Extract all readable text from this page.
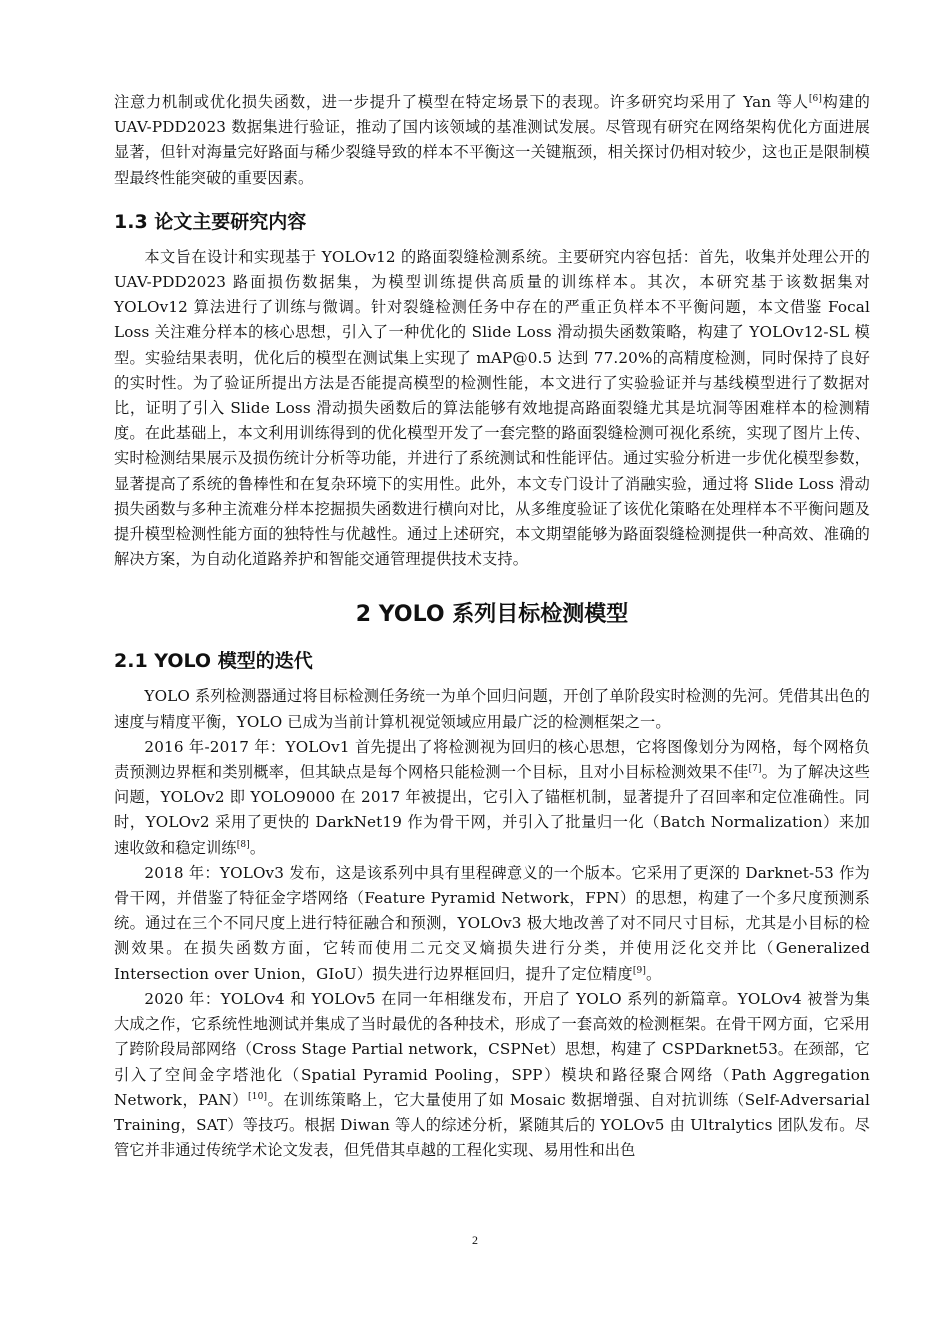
注意力机制或优化损失函数，进一步提升了模型在特定场景下的表现。许多研究均采用了 Yan 等人[6]构建的 UAV-PDD2023 数据集进行验证，推动了国内该领域的基准测试发展。尽管现有研究在网络架构优化方面进展显著，但针对海量完好路面与稀少裂缝导致的样本不平衡这一关键瓶颈，相关探讨仍相对较少，这也正是限制模型最终性能突破的重要因素。

1.3 论文主要研究内容

本文旨在设计和实现基于 YOLOv12 的路面裂缝检测系统。主要研究内容包括：首先，收集并处理公开的 UAV-PDD2023 路面损伤数据集，为模型训练提供高质量的训练样本。其次，本研究基于该数据集对 YOLOv12 算法进行了训练与微调。针对裂缝检测任务中存在的严重正负样本不平衡问题，本文借鉴 Focal Loss 关注难分样本的核心思想，引入了一种优化的 Slide Loss 滑动损失函数策略，构建了 YOLOv12-SL 模型。实验结果表明，优化后的模型在测试集上实现了 mAP@0.5 达到 77.20%的高精度检测，同时保持了良好的实时性。为了验证所提出方法是否能提高模型的检测性能，本文进行了实验验证并与基线模型进行了数据对比，证明了引入 Slide Loss 滑动损失函数后的算法能够有效地提高路面裂缝尤其是坑洞等困难样本的检测精度。在此基础上，本文利用训练得到的优化模型开发了一套完整的路面裂缝检测可视化系统，实现了图片上传、实时检测结果展示及损伤统计分析等功能，并进行了系统测试和性能评估。通过实验分析进一步优化模型参数，显著提高了系统的鲁棒性和在复杂环境下的实用性。此外，本文专门设计了消融实验，通过将 Slide Loss 滑动损失函数与多种主流难分样本挖掘损失函数进行横向对比，从多维度验证了该优化策略在处理样本不平衡问题及提升模型检测性能方面的独特性与优越性。通过上述研究，本文期望能够为路面裂缝检测提供一种高效、准确的解决方案，为自动化道路养护和智能交通管理提供技术支持。

2 YOLO 系列目标检测模型
2.1 YOLO 模型的迭代

YOLO 系列检测器通过将目标检测任务统一为单个回归问题，开创了单阶段实时检测的先河。凭借其出色的速度与精度平衡，YOLO 已成为当前计算机视觉领域应用最广泛的检测框架之一。

2016 年-2017 年：YOLOv1 首先提出了将检测视为回归的核心思想，它将图像划分为网格，每个网格负责预测边界框和类别概率，但其缺点是每个网格只能检测一个目标，且对小目标检测效果不佳[7]。为了解决这些问题，YOLOv2 即 YOLO9000 在 2017 年被提出，它引入了锚框机制，显著提升了召回率和定位准确性。同时，YOLOv2 采用了更快的 DarkNet19 作为骨干网，并引入了批量归一化（Batch Normalization）来加速收敛和稳定训练[8]。

2018 年：YOLOv3 发布，这是该系列中具有里程碑意义的一个版本。它采用了更深的 Darknet-53 作为骨干网，并借鉴了特征金字塔网络（Feature Pyramid Network，FPN）的思想，构建了一个多尺度预测系统。通过在三个不同尺度上进行特征融合和预测，YOLOv3 极大地改善了对不同尺寸目标，尤其是小目标的检测效果。在损失函数方面，它转而使用二元交叉熵损失进行分类，并使用泛化交并比（Generalized Intersection over Union，GIoU）损失进行边界框回归，提升了定位精度[9]。

2020 年：YOLOv4 和 YOLOv5 在同一年相继发布，开启了 YOLO 系列的新篇章。YOLOv4 被誉为集大成之作，它系统性地测试并集成了当时最优的各种技术，形成了一套高效的检测框架。在骨干网方面，它采用了跨阶段局部网络（Cross Stage Partial network，CSPNet）思想，构建了 CSPDarknet53。在颈部，它引入了空间金字塔池化（Spatial Pyramid Pooling，SPP）模块和路径聚合网络（Path Aggregation Network，PAN）[10]。在训练策略上，它大量使用了如 Mosaic 数据增强、自对抗训练（Self-Adversarial Training，SAT）等技巧。根据 Diwan 等人的综述分析，紧随其后的 YOLOv5 由 Ultralytics 团队发布。尽管它并非通过传统学术论文发表，但凭借其卓越的工程化实现、易用性和出色

2
